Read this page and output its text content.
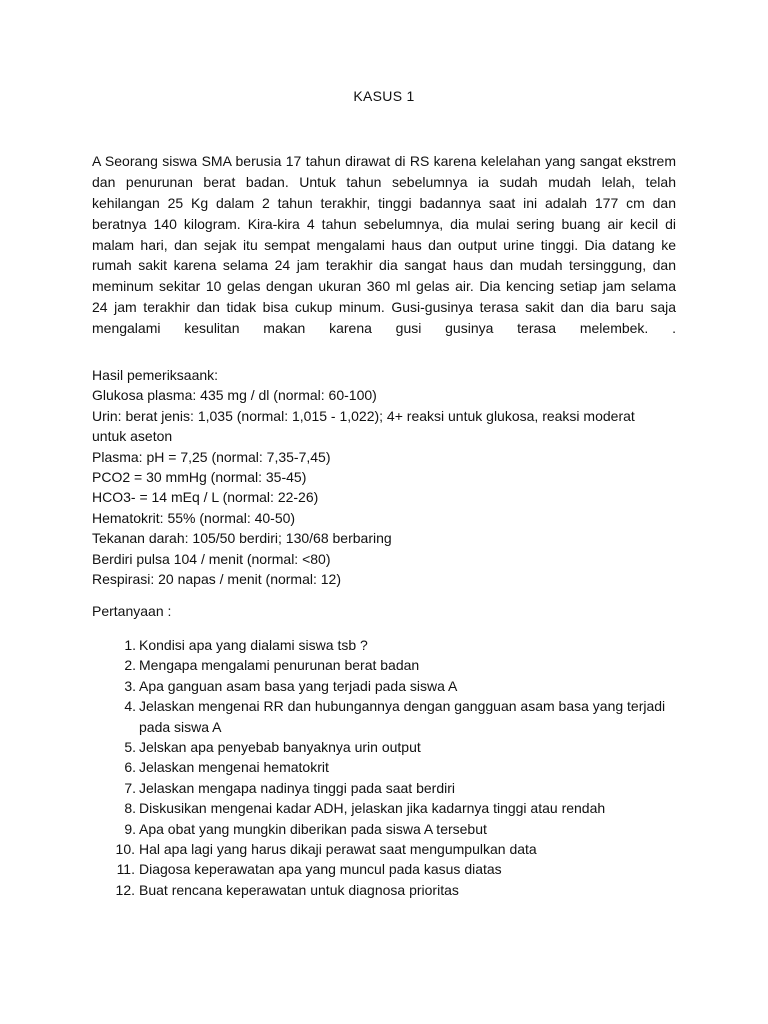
KASUS 1
A Seorang siswa SMA berusia 17 tahun dirawat di RS karena kelelahan yang sangat ekstrem
dan penurunan berat badan. Untuk tahun sebelumnya ia sudah mudah lelah, telah
kehilangan 25 Kg dalam 2 tahun terakhir, tinggi badannya saat ini adalah 177 cm dan
beratnya 140 kilogram. Kira-kira 4 tahun sebelumnya, dia mulai sering buang air kecil di
malam hari, dan sejak itu sempat mengalami haus dan output urine tinggi. Dia datang ke
rumah sakit karena selama 24 jam terakhir dia sangat haus dan mudah tersinggung, dan
meminum sekitar 10 gelas dengan ukuran 360 ml gelas air. Dia kencing setiap jam selama
24 jam terakhir dan tidak bisa cukup minum. Gusi-gusinya terasa sakit dan dia baru saja
mengalami kesulitan makan karena gusi gusinya terasa melembek. .
Hasil pemeriksaank:
Glukosa plasma: 435 mg / dl (normal: 60-100)
Urin: berat jenis: 1,035 (normal: 1,015 - 1,022); 4+ reaksi untuk glukosa, reaksi moderat
untuk aseton
Plasma: pH = 7,25 (normal: 7,35-7,45)
PCO2 = 30 mmHg (normal: 35-45)
HCO3- = 14 mEq / L (normal: 22-26)
Hematokrit: 55% (normal: 40-50)
Tekanan darah: 105/50 berdiri; 130/68 berbaring
Berdiri pulsa 104 / menit (normal: <80)
Respirasi: 20 napas / menit (normal: 12)
Pertanyaan :
1. Kondisi apa yang dialami siswa tsb ?
2. Mengapa mengalami penurunan berat badan
3. Apa ganguan asam basa yang terjadi pada siswa A
4. Jelaskan mengenai RR dan hubungannya dengan gangguan asam basa yang terjadi
pada siswa A
5. Jelskan apa penyebab banyaknya urin output
6. Jelaskan mengenai hematokrit
7. Jelaskan mengapa nadinya tinggi pada saat berdiri
8. Diskusikan mengenai kadar ADH, jelaskan jika kadarnya tinggi atau rendah
9. Apa obat yang mungkin diberikan pada siswa A tersebut
10. Hal apa lagi yang harus dikaji perawat saat mengumpulkan data
11. Diagosa keperawatan apa yang muncul pada kasus diatas
12. Buat rencana keperawatan untuk diagnosa prioritas
